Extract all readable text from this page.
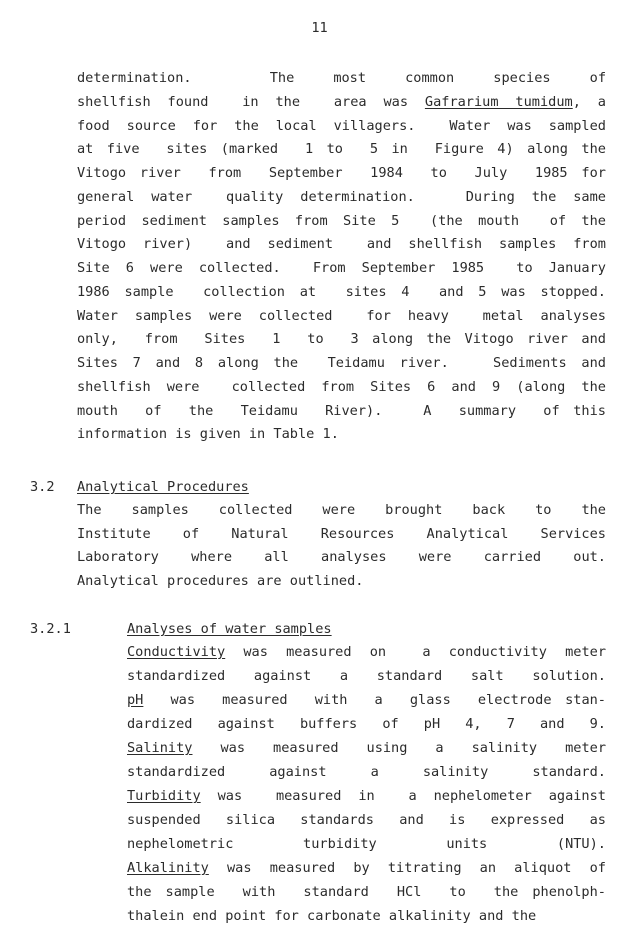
11
determination.  The most common species of
shellfish found  in the  area was Gafrarium tumidum, a
food source for the local villagers.  Water was sampled
at five  sites (marked  1 to  5 in  Figure 4) along the
Vitogo river  from  September  1984  to  July  1985 for
general water  quality determination.   During the same
period sediment samples from Site 5  (the mouth  of the
Vitogo river)  and sediment  and shellfish samples from
Site 6 were collected.  From September 1985  to January
1986 sample  collection at  sites 4  and 5 was stopped.
Water samples were collected  for heavy  metal analyses
only,  from  Sites  1  to  3 along the Vitogo river and
Sites 7 and 8 along the  Teidamu river.   Sediments and
shellfish were  collected from Sites 6 and 9 (along the
mouth  of  the  Teidamu  River).   A  summary  of this
information is given in Table 1.
3.2 Analytical Procedures
The  samples  collected  were  brought  back  to  the
Institute  of  Natural  Resources  Analytical  Services
Laboratory  where  all  analyses  were  carried  out.
Analytical procedures are outlined.
3.2.1	Analyses of water samples
Conductivity was measured on  a conductivity meter
standardized against a standard salt solution.
pH  was  measured  with  a  glass  electrode stan-
dardized  against  buffers  of  pH  4,  7  and  9.
Salinity  was  measured  using  a  salinity  meter
standardized against a salinity standard.
Turbidity was  measured in  a nephelometer against
suspended silica standards and is expressed as
nephelometric turbidity units (NTU).
Alkalinity was measured by titrating an aliquot of
the sample  with  standard  HCl  to  the phenolph-
thalein end point for carbonate alkalinity and the
